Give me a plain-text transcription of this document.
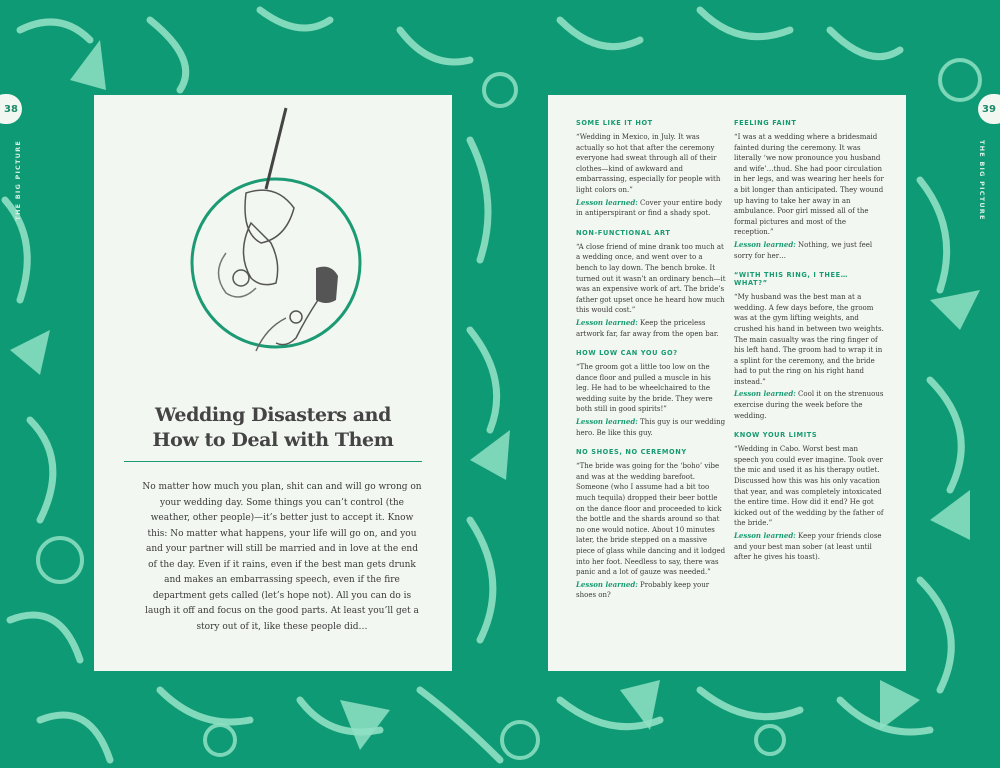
38	39
THE BIG PICTURE	THE BIG PICTURE
Wedding Disasters and
How to Deal with Them

No matter how much you plan, shit can and will go wrong on your wedding day. Some things you can’t control (the weather, other people)—it’s better just to accept it. Know this: No matter what happens, your life will go on, and you and your partner will still be married and in love at the end of the day. Even if it rains, even if the best man gets drunk and makes an embarrassing speech, even if the fire department gets called (let’s hope not). All you can do is laugh it off and focus on the good parts. At least you’ll get a story out of it, like these people did…

SOME LIKE IT HOT

“Wedding in Mexico, in July. It was actually so hot that after the ceremony everyone had sweat through all of their clothes—kind of awkward and embarrassing, especially for people with light colors on.”

Lesson learned: Cover your entire body in antiperspirant or find a shady spot.

NON-FUNCTIONAL ART

“A close friend of mine drank too much at a wedding once, and went over to a bench to lay down. The bench broke. It turned out it wasn’t an ordinary bench—it was an expensive work of art. The bride’s father got upset once he heard how much this would cost.”

Lesson learned: Keep the priceless artwork far, far away from the open bar.

HOW LOW CAN YOU GO?

“The groom got a little too low on the dance floor and pulled a muscle in his leg. He had to be wheelchaired to the wedding suite by the bride. They were both still in good spirits!”

Lesson learned: This guy is our wedding hero. Be like this guy.

NO SHOES, NO CEREMONY

“The bride was going for the ‘boho’ vibe and was at the wedding barefoot. Someone (who I assume had a bit too much tequila) dropped their beer bottle on the dance floor and proceeded to kick the bottle and the shards around so that no one would notice. About 10 minutes later, the bride stepped on a massive piece of glass while dancing and it lodged into her foot. Needless to say, there was panic and a lot of gauze was needed.”

Lesson learned: Probably keep your shoes on?

FEELING FAINT

“I was at a wedding where a bridesmaid fainted during the ceremony. It was literally ‘we now pronounce you husband and wife’…thud. She had poor circulation in her legs, and was wearing her heels for a bit longer than anticipated. They wound up having to take her away in an ambulance. Poor girl missed all of the formal pictures and most of the reception.”

Lesson learned: Nothing, we just feel sorry for her…

“WITH THIS RING, I THEE… WHAT?”

“My husband was the best man at a wedding. A few days before, the groom was at the gym lifting weights, and crushed his hand in between two weights. The main casualty was the ring finger of his left hand. The groom had to wrap it in a splint for the ceremony, and the bride had to put the ring on his right hand instead.”

Lesson learned: Cool it on the strenuous exercise during the week before the wedding.

KNOW YOUR LIMITS

“Wedding in Cabo. Worst best man speech you could ever imagine. Took over the mic and used it as his therapy outlet. Discussed how this was his only vacation that year, and was completely intoxicated the entire time. How did it end? He got kicked out of the wedding by the father of the bride.”

Lesson learned: Keep your friends close and your best man sober (at least until after he gives his toast).
